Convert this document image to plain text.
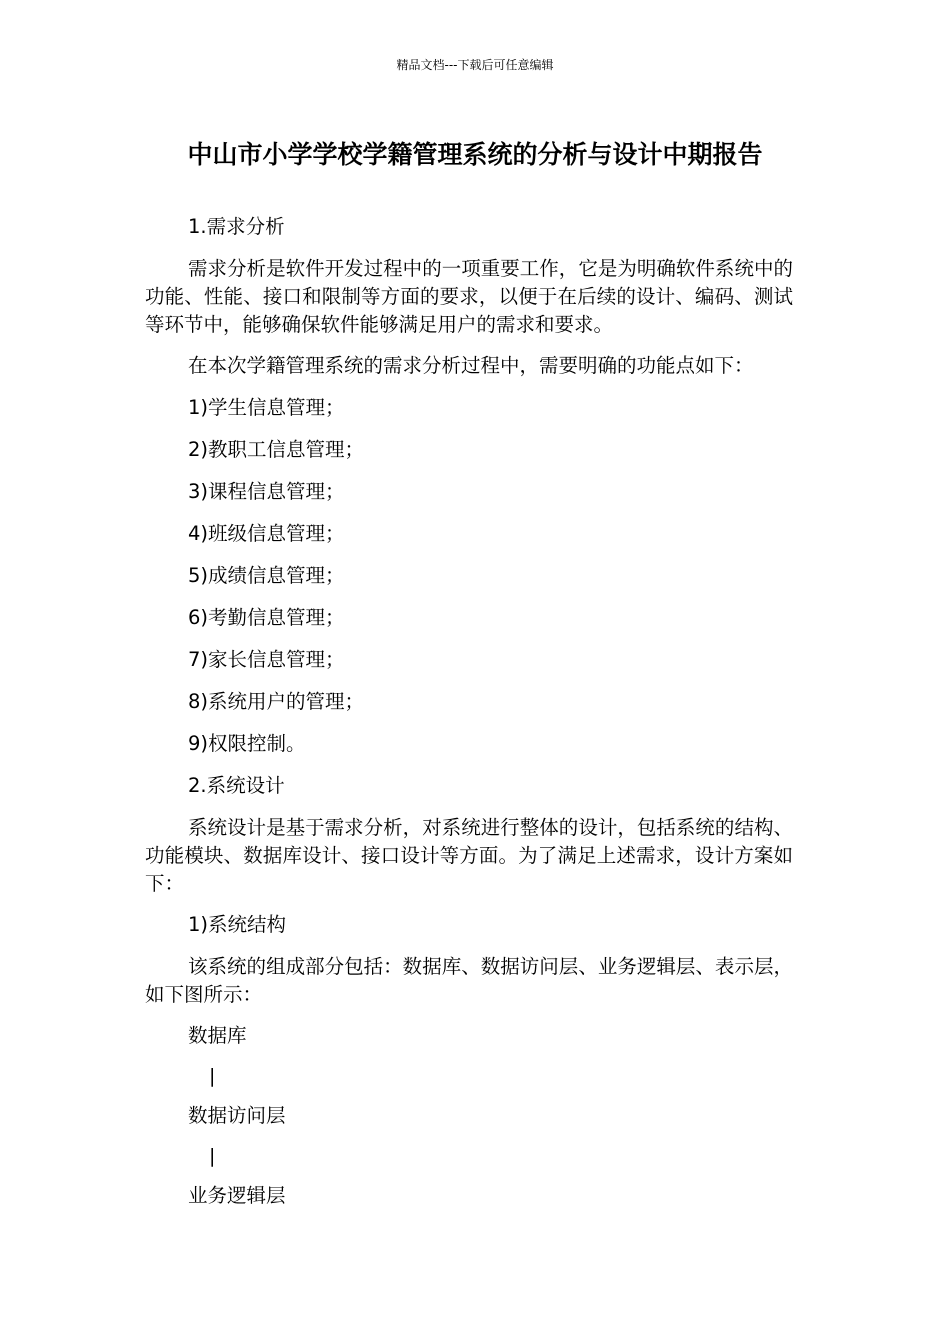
精品文档---下载后可任意编辑
中山市小学学校学籍管理系统的分析与设计中期报告

1.需求分析

需求分析是软件开发过程中的一项重要工作，它是为明确软件系统中的功能、性能、接口和限制等方面的要求，以便于在后续的设计、编码、测试等环节中，能够确保软件能够满足用户的需求和要求。

在本次学籍管理系统的需求分析过程中，需要明确的功能点如下：

1)学生信息管理；

2)教职工信息管理；

3)课程信息管理；

4)班级信息管理；

5)成绩信息管理；

6)考勤信息管理；

7)家长信息管理；

8)系统用户的管理；

9)权限控制。

2.系统设计

系统设计是基于需求分析，对系统进行整体的设计，包括系统的结构、功能模块、数据库设计、接口设计等方面。为了满足上述需求，设计方案如下：

1)系统结构

该系统的组成部分包括：数据库、数据访问层、业务逻辑层、表示层，如下图所示：

数据库

|

数据访问层

|

业务逻辑层
